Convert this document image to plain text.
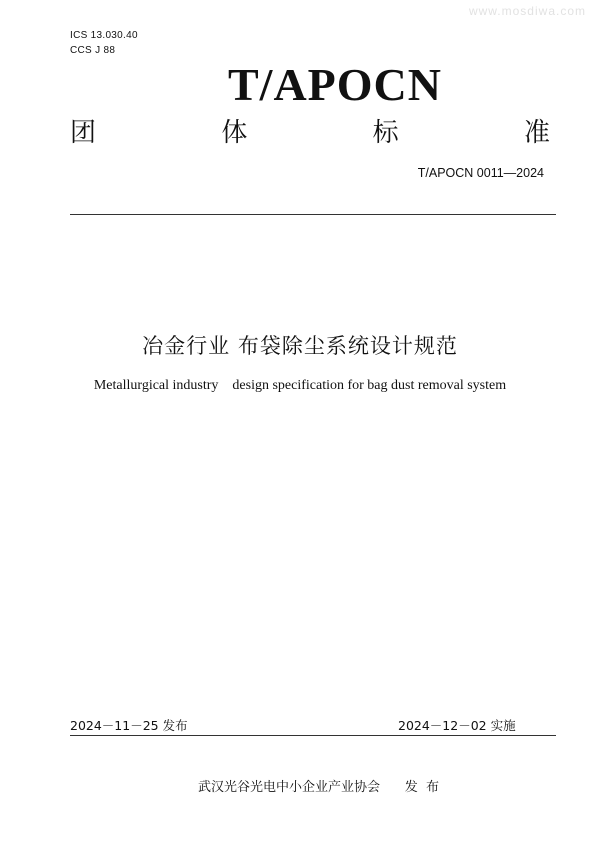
www.mosdiwa.com
ICS 13.030.40
CCS J 88
T/APOCN
团	体	标	准
T/APOCN 0011—2024
冶金行业 布袋除尘系统设计规范
Metallurgical industry    design specification for bag dust removal system
2024－11－25 发布	2024－12－02 实施
武汉光谷光电中小企业产业协会      发  布
